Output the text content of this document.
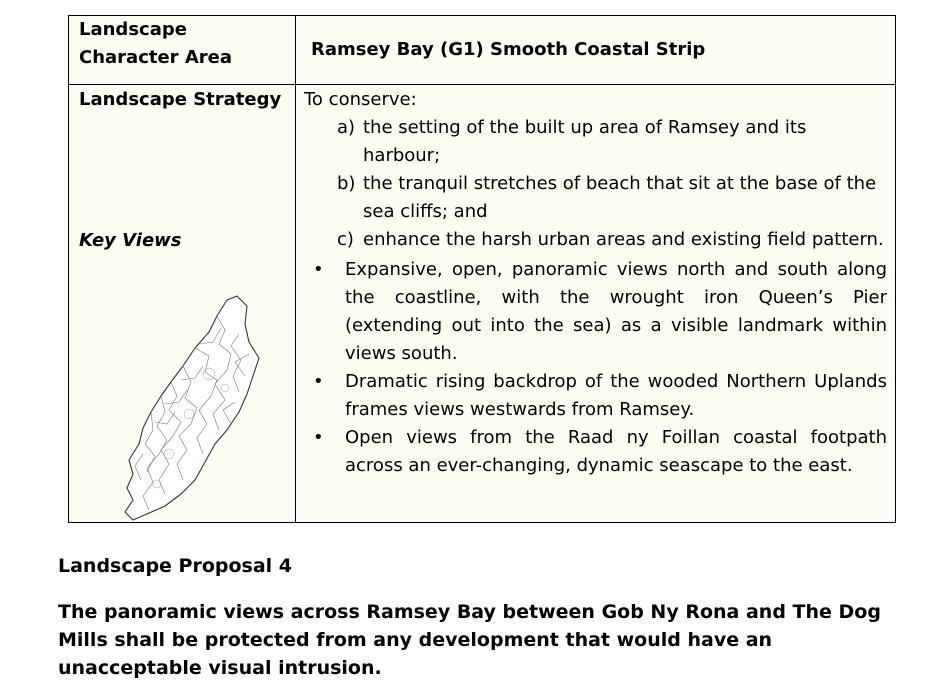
Landscape Character Area	Ramsey Bay (G1) Smooth Coastal Strip
Landscape Strategy
Key Views
To conserve:
a) the setting of the built up area of Ramsey and its harbour;
b) the tranquil stretches of beach that sit at the base of the sea cliffs; and
c) enhance the harsh urban areas and existing field pattern.
• Expansive, open, panoramic views north and south along the coastline, with the wrought iron Queen’s Pier (extending out into the sea) as a visible landmark within views south.
• Dramatic rising backdrop of the wooded Northern Uplands frames views westwards from Ramsey.
• Open views from the Raad ny Foillan coastal footpath across an ever-changing, dynamic seascape to the east.
Landscape Proposal 4
The panoramic views across Ramsey Bay between Gob Ny Rona and The Dog Mills shall be protected from any development that would have an unacceptable visual intrusion.
